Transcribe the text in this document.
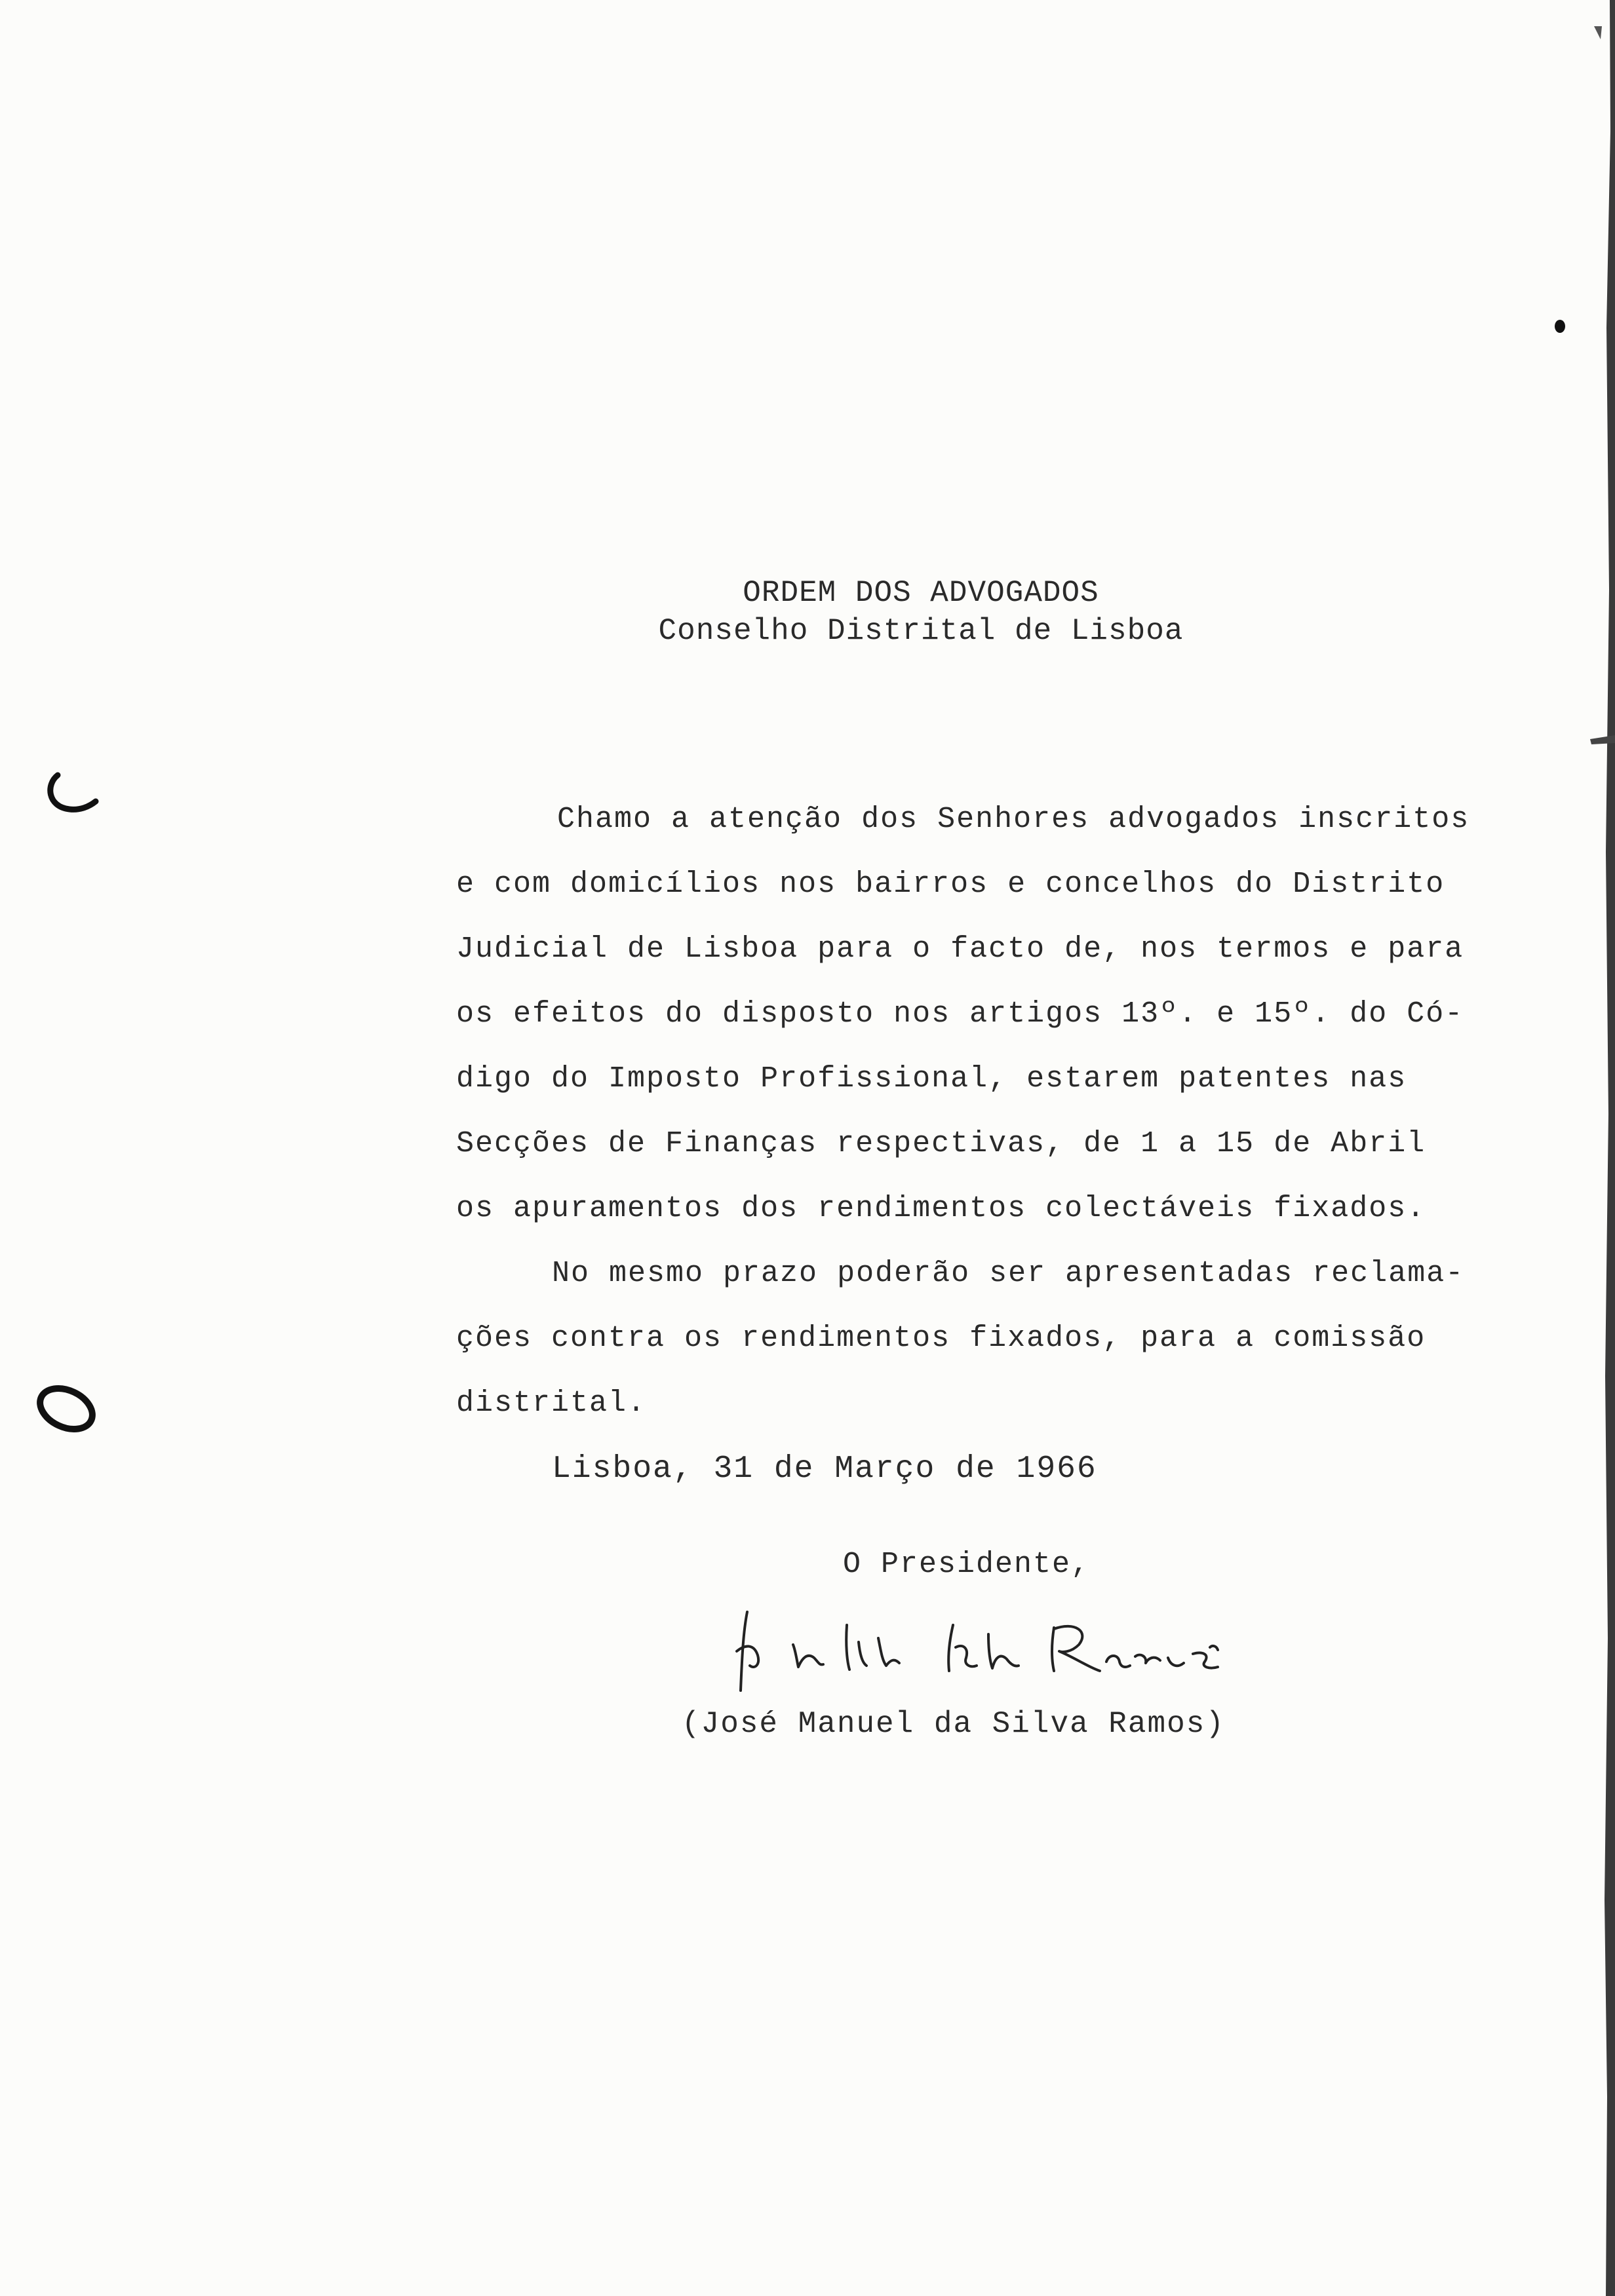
ORDEM DOS ADVOGADOS
Conselho Distrital de Lisboa
Chamo a atenção dos Senhores advogados inscritos
e com domicílios nos bairros e concelhos do Distrito
Judicial de Lisboa para o facto de, nos termos e para
os efeitos do disposto nos artigos 13º. e 15º. do Có-
digo do Imposto Profissional, estarem patentes nas
Secções de Finanças respectivas, de 1 a 15 de Abril
os apuramentos dos rendimentos colectáveis fixados.
No mesmo prazo poderão ser apresentadas reclama-
ções contra os rendimentos fixados, para a comissão
distrital.
Lisboa, 31 de Março de 1966
O Presidente,
(José Manuel da Silva Ramos)
